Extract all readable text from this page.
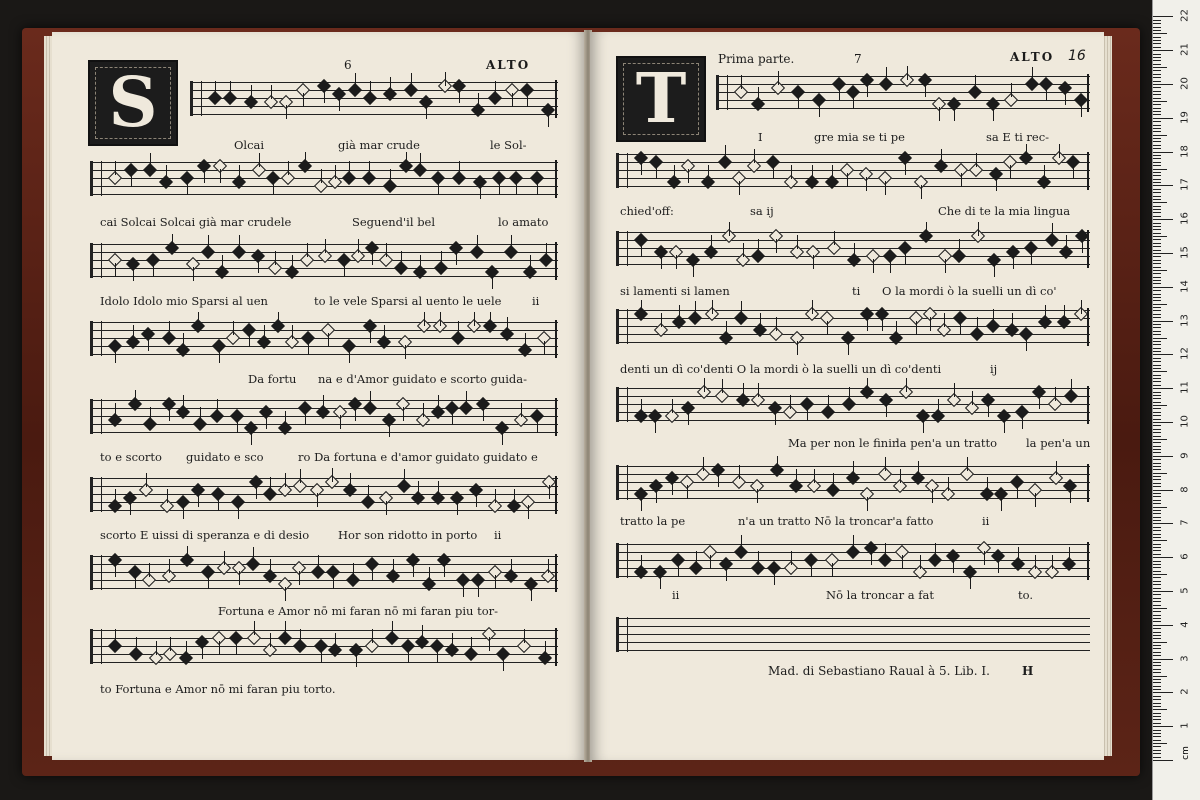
6	ALTO
S
Olcai	già mar crude	le Sol-
cai Solcai Solcai già mar crudele	Seguend'il bel	lo amato
Idolo Idolo mio Sparsi al uen	to le vele Sparsi al uento le uele	ii
Da fortu na e d'Amor guidato e scorto guida-
to e scorto guidato e sco	ro Da fortuna e d'amor guidato guidato e
scorto E uissi di speranza e di desio	Hor son ridotto in porto ii
Fortuna e Amor nō mi faran nō mi faran piu tor-
to Fortuna e Amor nō mi faran piu torto.
Prima parte.	7	ALTO 16
T	I	gre mia se ti pe	sa E ti rec-
chied'off:	sa ij	Che di te la mia lingua
si lamenti si lamen	ti O la mordi ò la suelli un dì co'
denti un dì co'denti O la mordi ò la suelli un dì co'denti	ij
Ma per non le finir
la pen'a un tratto	la pen'a un
tratto la pe	n'a un tratto Nō la troncar'a fatto	ii
ii	Nō la troncar a fat	to.
Mad. di Sebastiano Raual à 5. Lib. I.	H
cm
1
2
3
4
5
6
7
8
9
10
11
12
13
14
15
16
17
18
19
20
21
22
